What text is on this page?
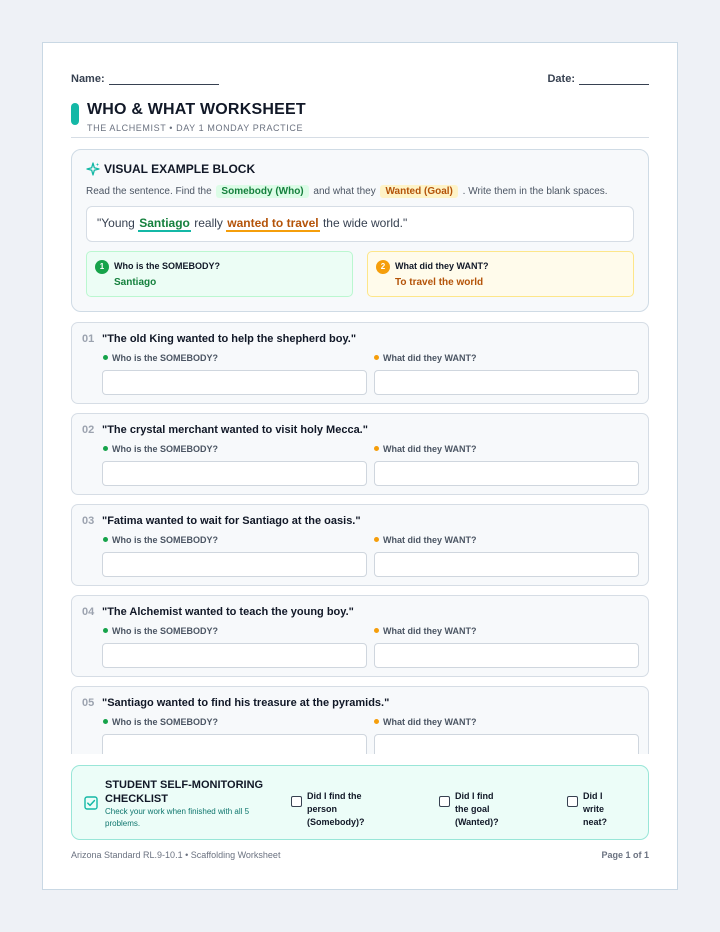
Name:	Date:
WHO & WHAT WORKSHEET
THE ALCHEMIST • DAY 1 MONDAY PRACTICE
VISUAL EXAMPLE BLOCK
Read the sentence. Find the Somebody (Who) and what they Wanted (Goal) . Write them in the blank spaces.
"Young Santiago really wanted to travel the wide world."
1	Who is the SOMEBODY?
Santiago
2	What did they WANT?
To travel the world
01 "The old King wanted to help the shepherd boy."
Who is the SOMEBODY?	What did they WANT?
02 "The crystal merchant wanted to visit holy Mecca."
Who is the SOMEBODY?	What did they WANT?
03 "Fatima wanted to wait for Santiago at the oasis."
Who is the SOMEBODY?	What did they WANT?
04 "The Alchemist wanted to teach the young boy."
Who is the SOMEBODY?	What did they WANT?
05 "Santiago wanted to find his treasure at the pyramids."
Who is the SOMEBODY?	What did they WANT?
STUDENT SELF-MONITORING CHECKLIST
Check your work when finished with all 5 problems.
Did I find the person
(Somebody)?
Did I find the goal
(Wanted)?
Did I write
neat?
Arizona Standard RL.9-10.1 • Scaffolding Worksheet	Page 1 of 1
